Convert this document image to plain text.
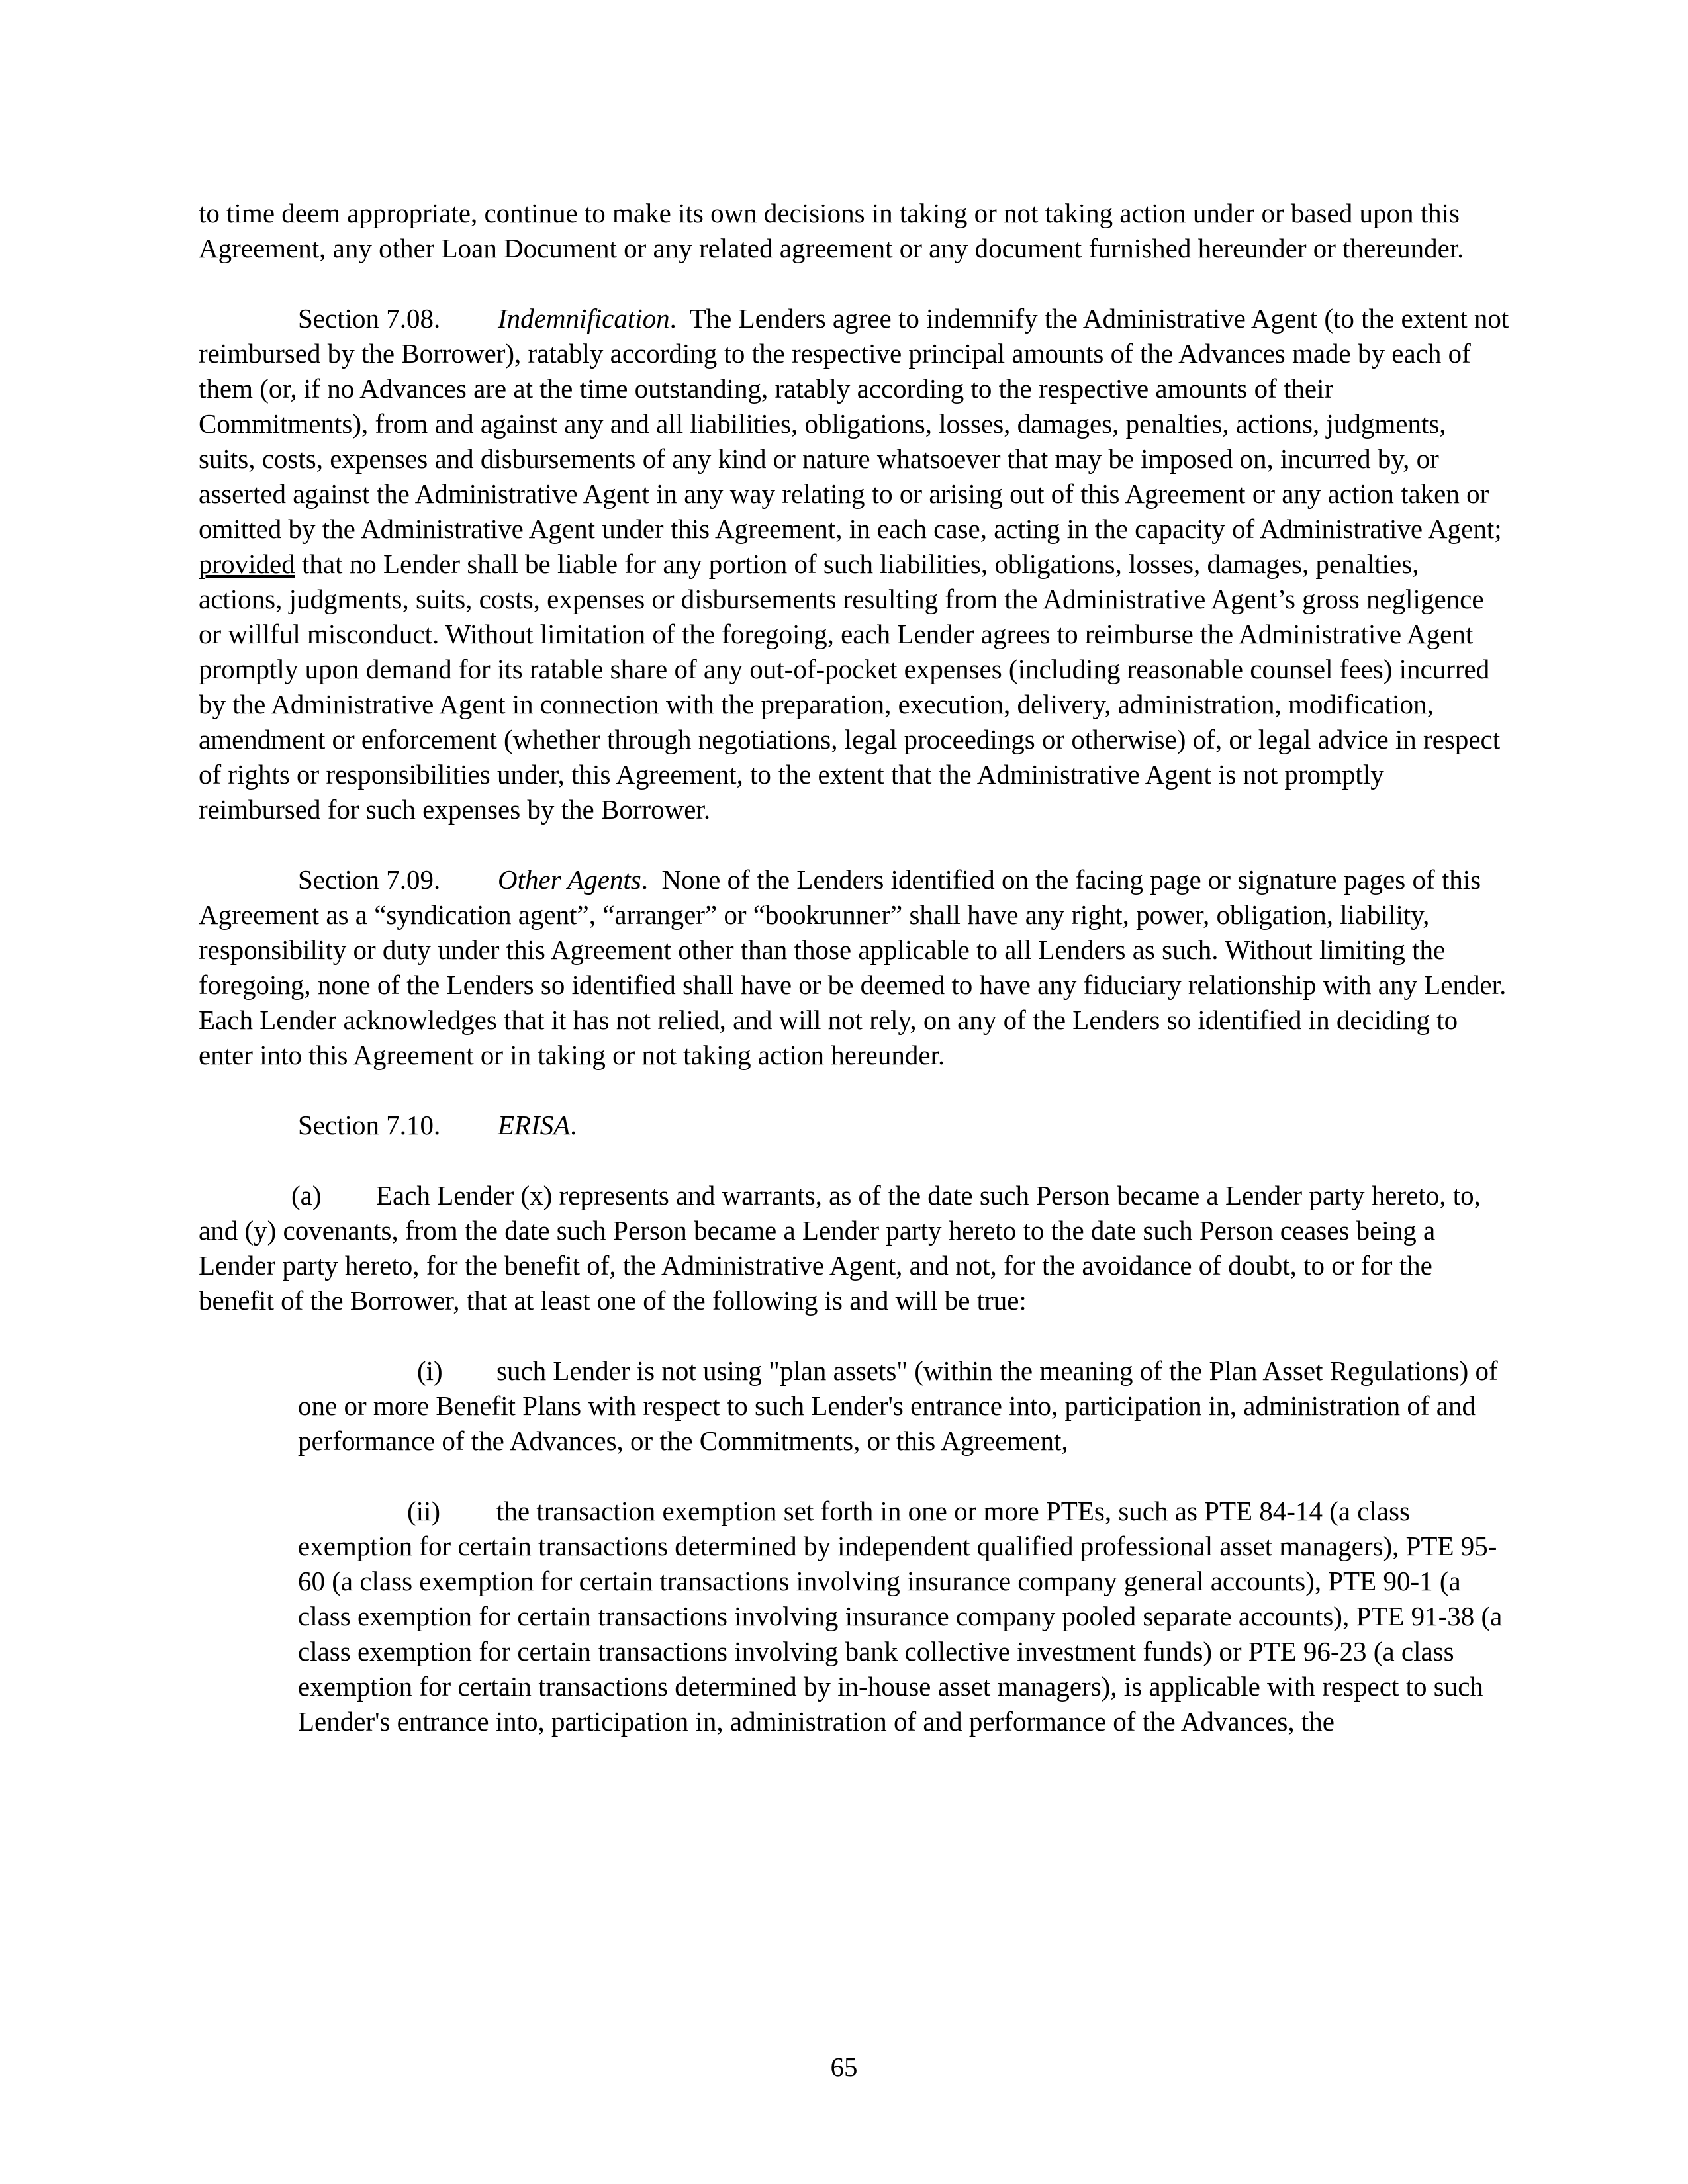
to time deem appropriate, continue to make its own decisions in taking or not taking action under or based upon this Agreement, any other Loan Document or any related agreement or any document furnished hereunder or thereunder.

Section 7.08. Indemnification. The Lenders agree to indemnify the Administrative Agent (to the extent not reimbursed by the Borrower), ratably according to the respective principal amounts of the Advances made by each of them (or, if no Advances are at the time outstanding, ratably according to the respective amounts of their Commitments), from and against any and all liabilities, obligations, losses, damages, penalties, actions, judgments, suits, costs, expenses and disbursements of any kind or nature whatsoever that may be imposed on, incurred by, or asserted against the Administrative Agent in any way relating to or arising out of this Agreement or any action taken or omitted by the Administrative Agent under this Agreement, in each case, acting in the capacity of Administrative Agent; provided that no Lender shall be liable for any portion of such liabilities, obligations, losses, damages, penalties, actions, judgments, suits, costs, expenses or disbursements resulting from the Administrative Agent’s gross negligence or willful misconduct. Without limitation of the foregoing, each Lender agrees to reimburse the Administrative Agent promptly upon demand for its ratable share of any out-of-pocket expenses (including reasonable counsel fees) incurred by the Administrative Agent in connection with the preparation, execution, delivery, administration, modification, amendment or enforcement (whether through negotiations, legal proceedings or otherwise) of, or legal advice in respect of rights or responsibilities under, this Agreement, to the extent that the Administrative Agent is not promptly reimbursed for such expenses by the Borrower.

Section 7.09. Other Agents. None of the Lenders identified on the facing page or signature pages of this Agreement as a “syndication agent”, “arranger” or “bookrunner” shall have any right, power, obligation, liability, responsibility or duty under this Agreement other than those applicable to all Lenders as such. Without limiting the foregoing, none of the Lenders so identified shall have or be deemed to have any fiduciary relationship with any Lender. Each Lender acknowledges that it has not relied, and will not rely, on any of the Lenders so identified in deciding to enter into this Agreement or in taking or not taking action hereunder.

Section 7.10. ERISA.

(a) Each Lender (x) represents and warrants, as of the date such Person became a Lender party hereto, to, and (y) covenants, from the date such Person became a Lender party hereto to the date such Person ceases being a Lender party hereto, for the benefit of, the Administrative Agent, and not, for the avoidance of doubt, to or for the benefit of the Borrower, that at least one of the following is and will be true:

(i) such Lender is not using "plan assets" (within the meaning of the Plan Asset Regulations) of one or more Benefit Plans with respect to such Lender's entrance into, participation in, administration of and performance of the Advances, or the Commitments, or this Agreement,

(ii) the transaction exemption set forth in one or more PTEs, such as PTE 84-14 (a class exemption for certain transactions determined by independent qualified professional asset managers), PTE 95-60 (a class exemption for certain transactions involving insurance company general accounts), PTE 90-1 (a class exemption for certain transactions involving insurance company pooled separate accounts), PTE 91-38 (a class exemption for certain transactions involving bank collective investment funds) or PTE 96-23 (a class exemption for certain transactions determined by in-house asset managers), is applicable with respect to such Lender's entrance into, participation in, administration of and performance of the Advances, the

65
